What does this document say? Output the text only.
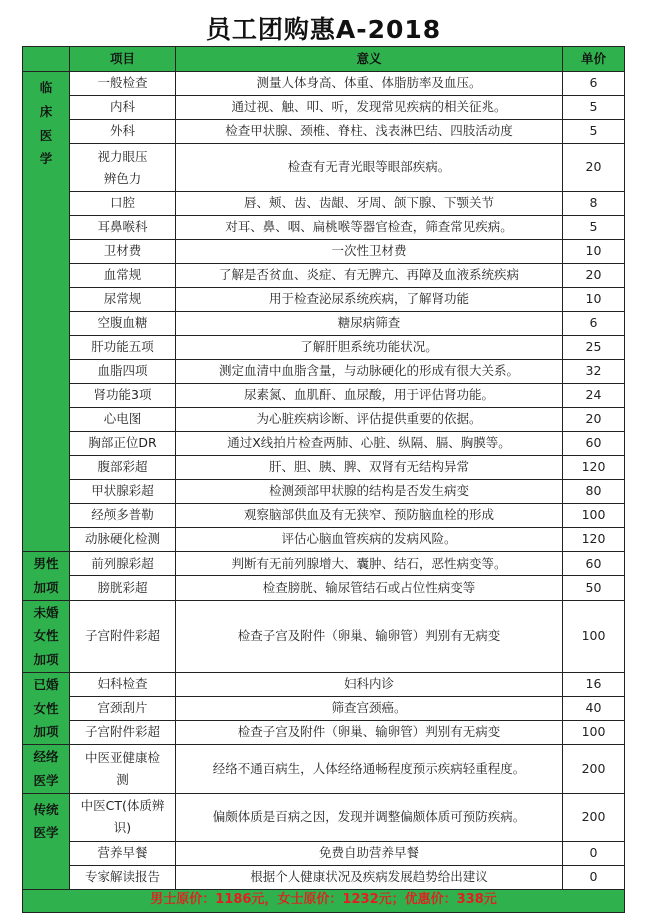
员工团购惠A-2018
	项目	意义	单价

临
床
医
学	一般检查	测量人体身高、体重、体脂肪率及血压。	6
	内科	通过视、触、叩、听，发现常见疾病的相关征兆。	5
	外科	检查甲状腺、颈椎、脊柱、浅表淋巴结、四肢活动度	5

	视力眼压
辨色力	检查有无青光眼等眼部疾病。	20
	口腔	唇、颊、齿、齿龈、牙周、颌下腺、下颚关节	8
	耳鼻喉科	对耳、鼻、咽、扁桃喉等器官检查，筛查常见疾病。	5
	卫材费	一次性卫材费	10
	血常规	了解是否贫血、炎症、有无脾亢、再障及血液系统疾病	20
	尿常规	用于检查泌尿系统疾病，了解肾功能	10
	空腹血糖	糖尿病筛查	6
	肝功能五项	了解肝胆系统功能状况。	25
	血脂四项	测定血清中血脂含量，与动脉硬化的形成有很大关系。	32
	肾功能3项	尿素氮、血肌酐、血尿酸，用于评估肾功能。	24
	心电图	为心脏疾病诊断、评估提供重要的依据。	20
	胸部正位DR	通过X线拍片检查两肺、心脏、纵隔、膈、胸膜等。	60
	腹部彩超	肝、胆、胰、脾、双肾有无结构异常	120
	甲状腺彩超	检测颈部甲状腺的结构是否发生病变	80
	经颅多普勒	观察脑部供血及有无狭窄、预防脑血栓的形成	100
	动脉硬化检测	评估心脑血管疾病的发病风险。	120

男性
加项	前列腺彩超	判断有无前列腺增大、囊肿、结石，恶性病变等。	60
	膀胱彩超	检查膀胱、输尿管结石或占位性病变等	50

未婚
女性
加项	子宫附件彩超	检查子宫及附件（卵巢、输卵管）判别有无病变	100

已婚
女性
加项	妇科检查	妇科内诊	16
	宫颈刮片	筛查宫颈癌。	40
	子宫附件彩超	检查子宫及附件（卵巢、输卵管）判别有无病变	100

经络
医学	中医亚健康检
测	经络不通百病生，人体经络通畅程度预示疾病轻重程度。	200

传统
医学	中医CT(体质辨
识)	偏颇体质是百病之因，发现并调整偏颇体质可预防疾病。	200
	营养早餐	免费自助营养早餐	0
	专家解读报告	根据个人健康状况及疾病发展趋势给出建议	0
男士原价：1186元，女士原价：1232元；优惠价：338元			
